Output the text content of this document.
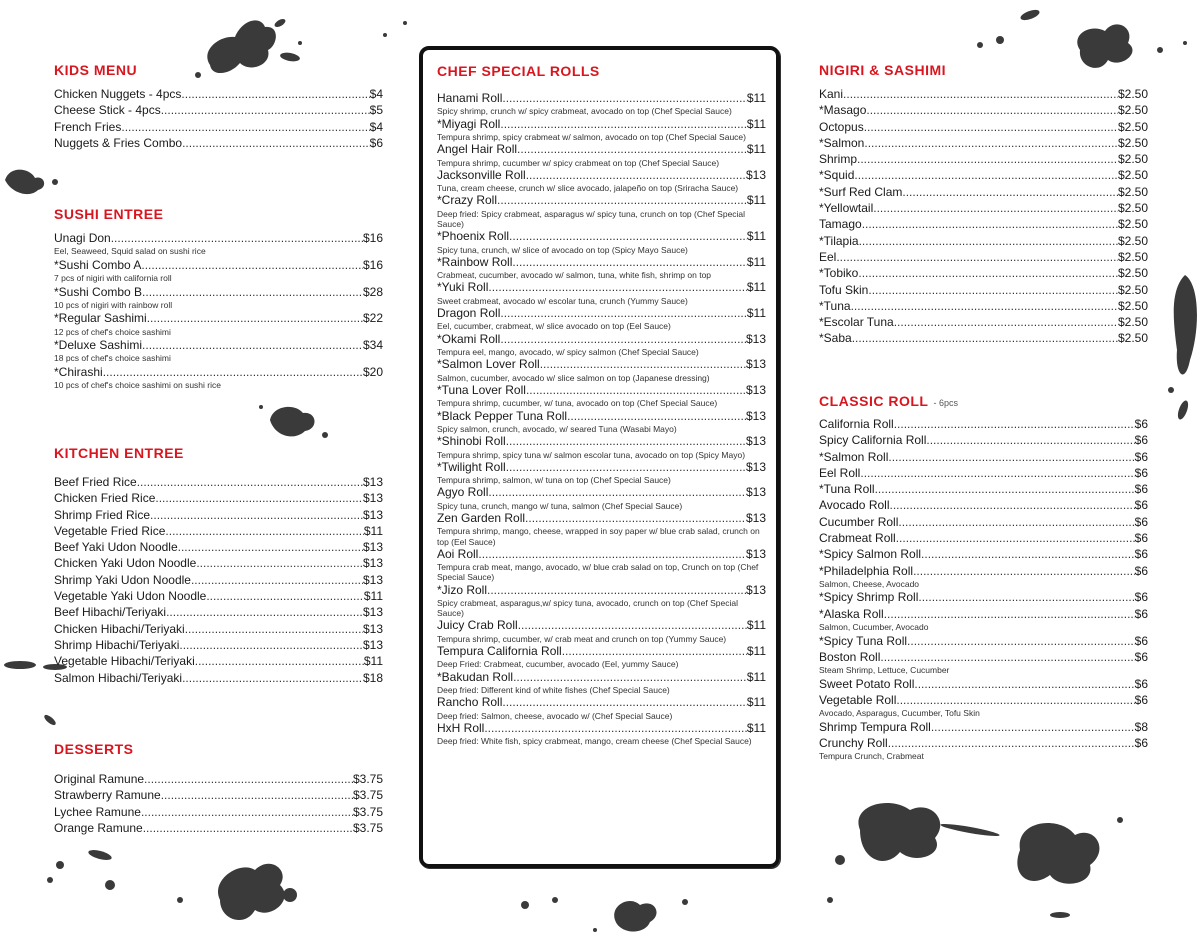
KIDS MENU
Chicken Nuggets - 4pcs .....	$4
Cheese Stick - 4pcs .....	$5
French Fries .....	$4
Nuggets & Fries Combo .....	$6
SUSHI ENTREE
Unagi Don .....	$16
Eel, Seaweed, Squid salad on sushi rice
*Sushi Combo A .....	$16
7 pcs of nigiri with california roll
*Sushi Combo B .....	$28
10 pcs of nigiri with rainbow roll
*Regular Sashimi .....	$22
12 pcs of chef's choice sashimi
*Deluxe Sashimi .....	$34
18 pcs of chef's choice sashimi
*Chirashi .....	$20
10 pcs of chef's choice sashimi on sushi rice
KITCHEN ENTREE
Beef Fried Rice .....	$13
Chicken Fried Rice .....	$13
Shrimp Fried Rice .....	$13
Vegetable Fried Rice .....	$11
Beef Yaki Udon Noodle .....	$13
Chicken Yaki Udon Noodle .....	$13
Shrimp Yaki Udon Noodle .....	$13
Vegetable Yaki Udon Noodle .....	$11
Beef Hibachi/Teriyaki .....	$13
Chicken Hibachi/Teriyaki .....	$13
Shrimp Hibachi/Teriyaki .....	$13
Vegetable Hibachi/Teriyaki .....	$11
Salmon Hibachi/Teriyaki .....	$18
DESSERTS
Original Ramune .....	$3.75
Strawberry Ramune .....	$3.75
Lychee Ramune .....	$3.75
Orange Ramune .....	$3.75
CHEF SPECIAL ROLLS
Hanami Roll .....	$11
Spicy shrimp, crunch w/ spicy crabmeat, avocado on top (Chef Special Sauce)
*Miyagi Roll .....	$11
Tempura shrimp, spicy crabmeat w/ salmon, avocado on top (Chef Special Sauce)
Angel Hair Roll .....	$11
Tempura shrimp, cucumber w/ spicy crabmeat on top (Chef Special Sauce)
Jacksonville Roll .....	$13
Tuna, cream cheese, crunch w/ slice avocado, jalapeño on top (Sriracha Sauce)
*Crazy Roll .....	$11
Deep fried: Spicy crabmeat, asparagus w/ spicy tuna, crunch on top (Chef Special Sauce)
*Phoenix Roll .....	$11
Spicy tuna, crunch, w/ slice of avocado on top (Spicy Mayo Sauce)
*Rainbow Roll .....	$11
Crabmeat, cucumber, avocado w/ salmon, tuna, white fish, shrimp on top
*Yuki Roll .....	$11
Sweet crabmeat, avocado w/ escolar tuna, crunch (Yummy Sauce)
Dragon Roll .....	$11
Eel, cucumber, crabmeat, w/ slice avocado on top (Eel Sauce)
*Okami Roll .....	$13
Tempura eel, mango, avocado, w/ spicy salmon (Chef Special Sauce)
*Salmon Lover Roll .....	$13
Salmon, cucumber, avocado w/ slice salmon on top (Japanese dressing)
*Tuna Lover Roll .....	$13
Tempura shrimp, cucumber, w/ tuna, avocado on top (Chef Special Sauce)
*Black Pepper Tuna Roll .....	$13
Spicy salmon, crunch, avocado, w/ seared Tuna (Wasabi Mayo)
*Shinobi Roll .....	$13
Tempura shrimp, spicy tuna w/ salmon escolar tuna, avocado on top (Spicy Mayo)
*Twilight Roll .....	$13
Tempura shrimp, salmon, w/ tuna on top (Chef Special Sauce)
Agyo Roll .....	$13
Spicy tuna, crunch, mango w/ tuna, salmon (Chef Special Sauce)
Zen Garden Roll .....	$13
Tempura shrimp, mango, cheese, wrapped in soy paper w/ blue crab salad, crunch on top (Eel Sauce)
Aoi Roll .....	$13
Tempura crab meat, mango, avocado, w/ blue crab salad on top, Crunch on top (Chef Special Sauce)
*Jizo Roll .....	$13
Spicy crabmeat, asparagus,w/ spicy tuna, avocado, crunch on top (Chef Special Sauce)
Juicy Crab Roll .....	$11
Tempura shrimp, cucumber, w/ crab meat and crunch on top (Yummy Sauce)
Tempura California Roll .....	$11
Deep Fried: Crabmeat, cucumber, avocado (Eel, yummy Sauce)
*Bakudan Roll .....	$11
Deep fried: Different kind of white fishes (Chef Special Sauce)
Rancho Roll .....	$11
Deep fried: Salmon, cheese, avocado w/ (Chef Special Sauce)
HxH Roll .....	$11
Deep fried: White fish, spicy crabmeat, mango, cream cheese (Chef Special Sauce)
NIGIRI & SASHIMI
Kani .....	$2.50
*Masago .....	$2.50
Octopus .....	$2.50
*Salmon .....	$2.50
Shrimp .....	$2.50
*Squid .....	$2.50
*Surf Red Clam .....	$2.50
*Yellowtail .....	$2.50
Tamago .....	$2.50
*Tilapia .....	$2.50
Eel .....	$2.50
*Tobiko .....	$2.50
Tofu Skin .....	$2.50
*Tuna .....	$2.50
*Escolar Tuna .....	$2.50
*Saba .....	$2.50
CLASSIC ROLL - 6pcs
California Roll .....	$6
Spicy California Roll .....	$6
*Salmon Roll .....	$6
Eel Roll .....	$6
*Tuna Roll .....	$6
Avocado Roll .....	$6
Cucumber Roll .....	$6
Crabmeat Roll .....	$6
*Spicy Salmon Roll .....	$6
*Philadelphia Roll .....	$6
Salmon, Cheese, Avocado
*Spicy Shrimp Roll .....	$6
*Alaska Roll .....	$6
Salmon, Cucumber, Avocado
*Spicy Tuna Roll .....	$6
Boston Roll .....	$6
Steam Shrimp, Lettuce, Cucumber
Sweet Potato Roll .....	$6
Vegetable Roll .....	$6
Avocado, Asparagus, Cucumber, Tofu Skin
Shrimp Tempura Roll .....	$8
Crunchy Roll .....	$6
Tempura Crunch, Crabmeat
